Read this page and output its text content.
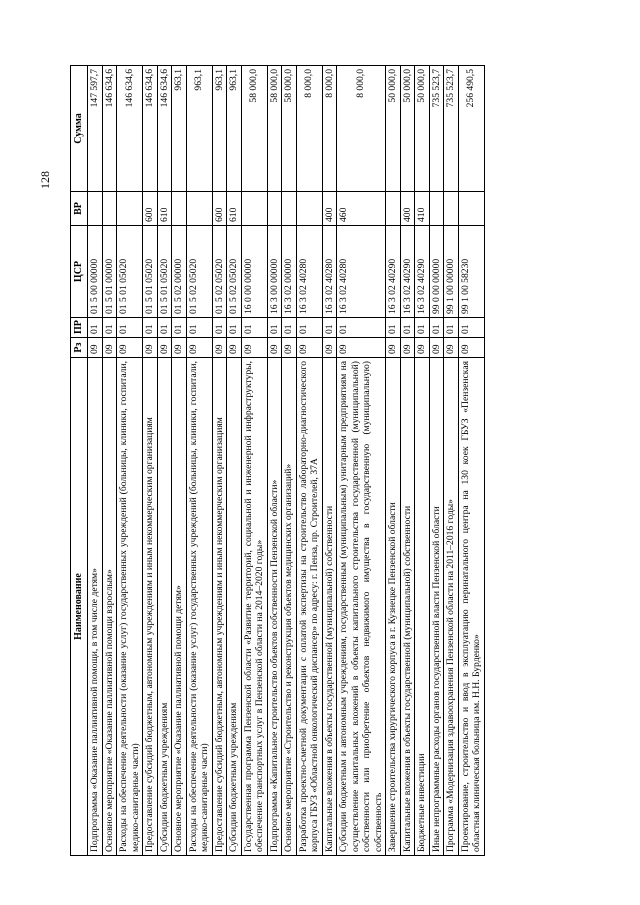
128
Наименование	Рз	ПР	ЦСР	ВР	Сумма
Подпрограмма «Оказание паллиативной помощи, в том числе детям»	09	01	01 5 00 00000		147 597,7
Основное мероприятие «Оказание паллиативной помощи взрослым»	09	01	01 5 01 00000		146 634,6
Расходы на обеспечение деятельности (оказание услуг) государственных учреждений (больницы, клиники, госпитали, медико-санитарные части)	09	01	01 5 01 05020		146 634,6
Предоставление субсидий бюджетным, автономным учреждениям и иным некоммерческим организациям	09	01	01 5 01 05020	600	146 634,6
Субсидии бюджетным учреждениям	09	01	01 5 01 05020	610	146 634,6
Основное мероприятие «Оказание паллиативной помощи детям»	09	01	01 5 02 00000		963,1
Расходы на обеспечение деятельности (оказание услуг) государственных учреждений (больницы, клиники, госпитали, медико-санитарные части)	09	01	01 5 02 05020		963,1
Предоставление субсидий бюджетным, автономным учреждениям и иным некоммерческим организациям	09	01	01 5 02 05020	600	963,1
Субсидии бюджетным учреждениям	09	01	01 5 02 05020	610	963,1
Государственная программа Пензенской области «Развитие территорий, социальной и инженерной инфраструктуры, обеспечение транспортных услуг в Пензенской области на 2014–2020 годы»	09	01	16 0 00 00000		58 000,0
Подпрограмма «Капитальное строительство объектов собственности Пензенской области»	09	01	16 3 00 00000		58 000,0
Основное мероприятие «Строительство и реконструкция объектов медицинских организаций»	09	01	16 3 02 00000		58 000,0
Разработка проектно-сметной документации с оплатой экспертизы на строительство лабораторно-диагностического корпуса ГБУЗ «Областной онкологический диспансер» по адресу: г. Пенза, пр. Строителей, 37А	09	01	16 3 02 40280		8 000,0
Капитальные вложения в объекты государственной (муниципальной) собственности	09	01	16 3 02 40280	400	8 000,0
Субсидии бюджетным и автономным учреждениям, государственным (муниципальным) унитарным предприятиям на осуществление капитальных вложений в объекты капитального строительства государственной (муниципальной) собственности или приобретение объектов недвижимого имущества в государственную (муниципальную) собственность	09	01	16 3 02 40280	460	8 000,0
Завершение строительства хирургического корпуса в г. Кузнецке Пензенской области	09	01	16 3 02 40290		50 000,0
Капитальные вложения в объекты государственной (муниципальной) собственности	09	01	16 3 02 40290	400	50 000,0
Бюджетные инвестиции	09	01	16 3 02 40290	410	50 000,0
Иные непрограммные расходы органов государственной власти Пензенской области	09	01	99 0 00 00000		735 523,7
Программа «Модернизация здравоохранения Пензенской области на 2011–2016 годы»	09	01	99 1 00 00000		735 523,7
Проектирование, строительство и ввод в эксплуатацию перинатального центра на 130 коек ГБУЗ «Пензенская областная клиническая больница им. Н.Н. Бурденко»	09	01	99 1 00 58230		256 490,5
